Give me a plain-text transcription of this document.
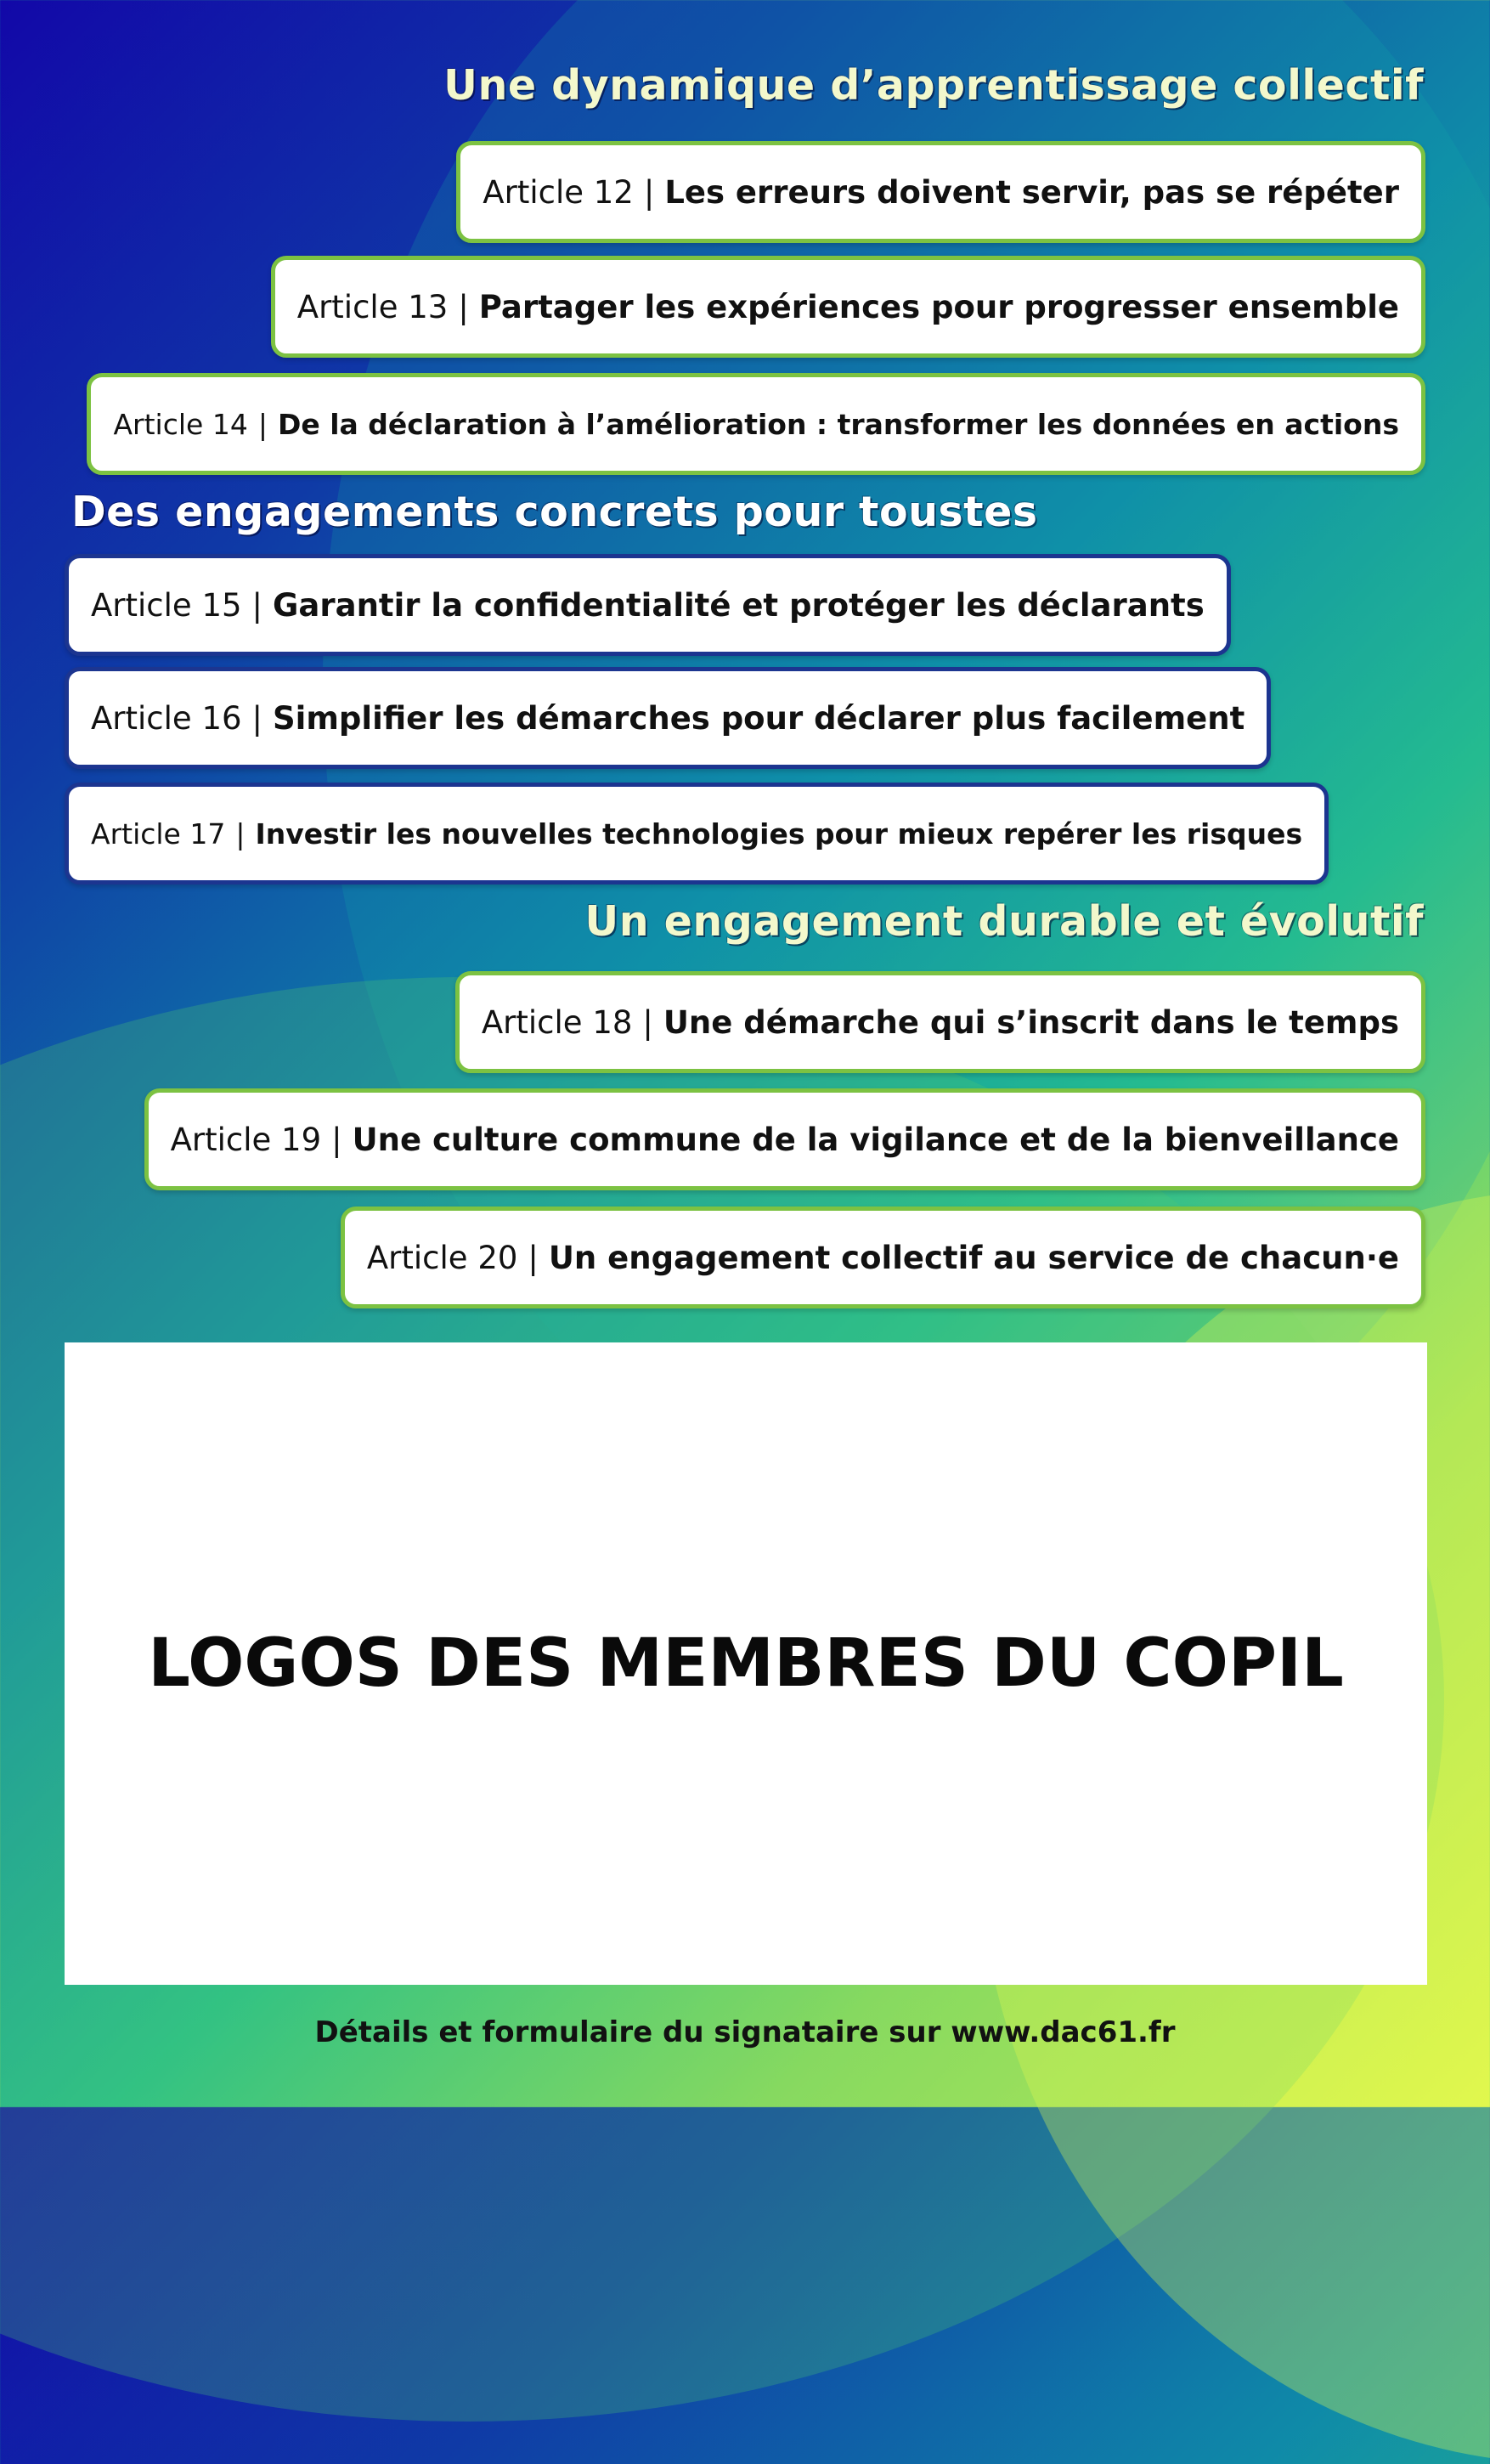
Une dynamique d’apprentissage collectif
Article 12 | Les erreurs doivent servir, pas se répéter
Article 13 | Partager les expériences pour progresser ensemble
Article 14 | De la déclaration à l’amélioration : transformer les données en actions
Des engagements concrets pour toustes
Article 15 | Garantir la confidentialité et protéger les déclarants
Article 16 | Simplifier les démarches pour déclarer plus facilement
Article 17 | Investir les nouvelles technologies pour mieux repérer les risques
Un engagement durable et évolutif
Article 18 | Une démarche qui s’inscrit dans le temps
Article 19 | Une culture commune de la vigilance et de la bienveillance
Article 20 | Un engagement collectif au service de chacun·e
LOGOS DES MEMBRES DU COPIL
Détails et formulaire du signataire sur www.dac61.fr
